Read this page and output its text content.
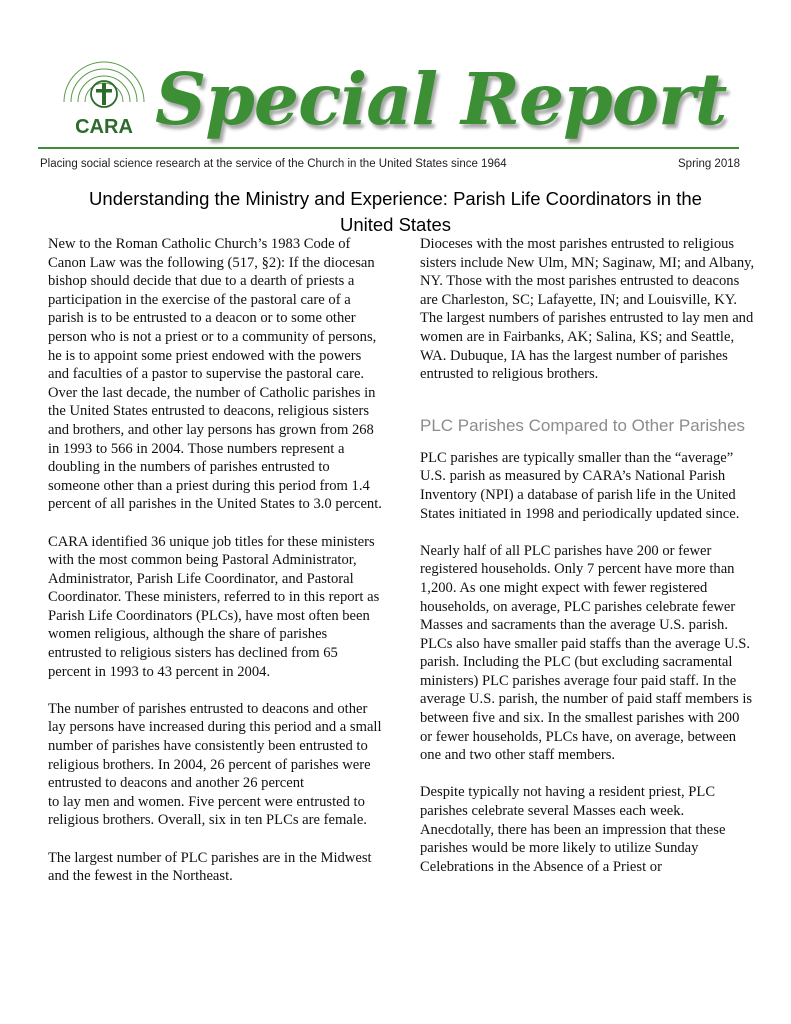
CARA Special Report
Placing social science research at the service of the Church in the United States since 1964	Spring 2018
Understanding the Ministry and Experience: Parish Life Coordinators in the United States

New to the Roman Catholic Church’s 1983 Code of Canon Law was the following (517, §2): If the diocesan bishop should decide that due to a dearth of priests a participation in the exercise of the pastoral care of a parish is to be entrusted to a deacon or to some other person who is not a priest or to a community of persons, he is to appoint some priest endowed with the powers and faculties of a pastor to supervise the pastoral care. Over the last decade, the number of Catholic parishes in the United States entrusted to deacons, religious sisters and brothers, and other lay persons has grown from 268 in 1993 to 566 in 2004. Those numbers represent a doubling in the numbers of parishes entrusted to someone other than a priest during this period from 1.4 percent of all parishes in the United States to 3.0 percent.

CARA identified 36 unique job titles for these ministers with the most common being Pastoral Administrator, Administrator, Parish Life Coordinator, and Pastoral Coordinator. These ministers, referred to in this report as Parish Life Coordinators (PLCs), have most often been women religious, although the share of parishes entrusted to religious sisters has declined from 65 percent in 1993 to 43 percent in 2004.

The number of parishes entrusted to deacons and other lay persons have increased during this period and a small number of parishes have consistently been entrusted to religious brothers. In 2004, 26 percent of parishes were entrusted to deacons and another 26 percent

to lay men and women. Five percent were entrusted to religious brothers. Overall, six in ten PLCs are female.

The largest number of PLC parishes are in the Midwest and the fewest in the Northeast.

Dioceses with the most parishes entrusted to religious sisters include New Ulm, MN; Saginaw, MI; and Albany, NY. Those with the most parishes entrusted to deacons are Charleston, SC; Lafayette, IN; and Louisville, KY. The largest numbers of parishes entrusted to lay men and women are in Fairbanks, AK; Salina, KS; and Seattle, WA. Dubuque, IA has the largest number of parishes entrusted to religious brothers.

PLC Parishes Compared to Other Parishes

PLC parishes are typically smaller than the “average” U.S. parish as measured by CARA’s National Parish Inventory (NPI) a database of parish life in the United States initiated in 1998 and periodically updated since.

Nearly half of all PLC parishes have 200 or fewer registered households. Only 7 percent have more than 1,200. As one might expect with fewer registered households, on average, PLC parishes celebrate fewer Masses and sacraments than the average U.S. parish. PLCs also have smaller paid staffs than the average U.S. parish. Including the PLC (but excluding sacramental ministers) PLC parishes average four paid staff. In the average U.S. parish, the number of paid staff members is between five and six. In the smallest parishes with 200 or fewer households, PLCs have, on average, between one and two other staff members.

Despite typically not having a resident priest, PLC parishes celebrate several Masses each week. Anecdotally, there has been an impression that these parishes would be more likely to utilize Sunday Celebrations in the Absence of a Priest or
